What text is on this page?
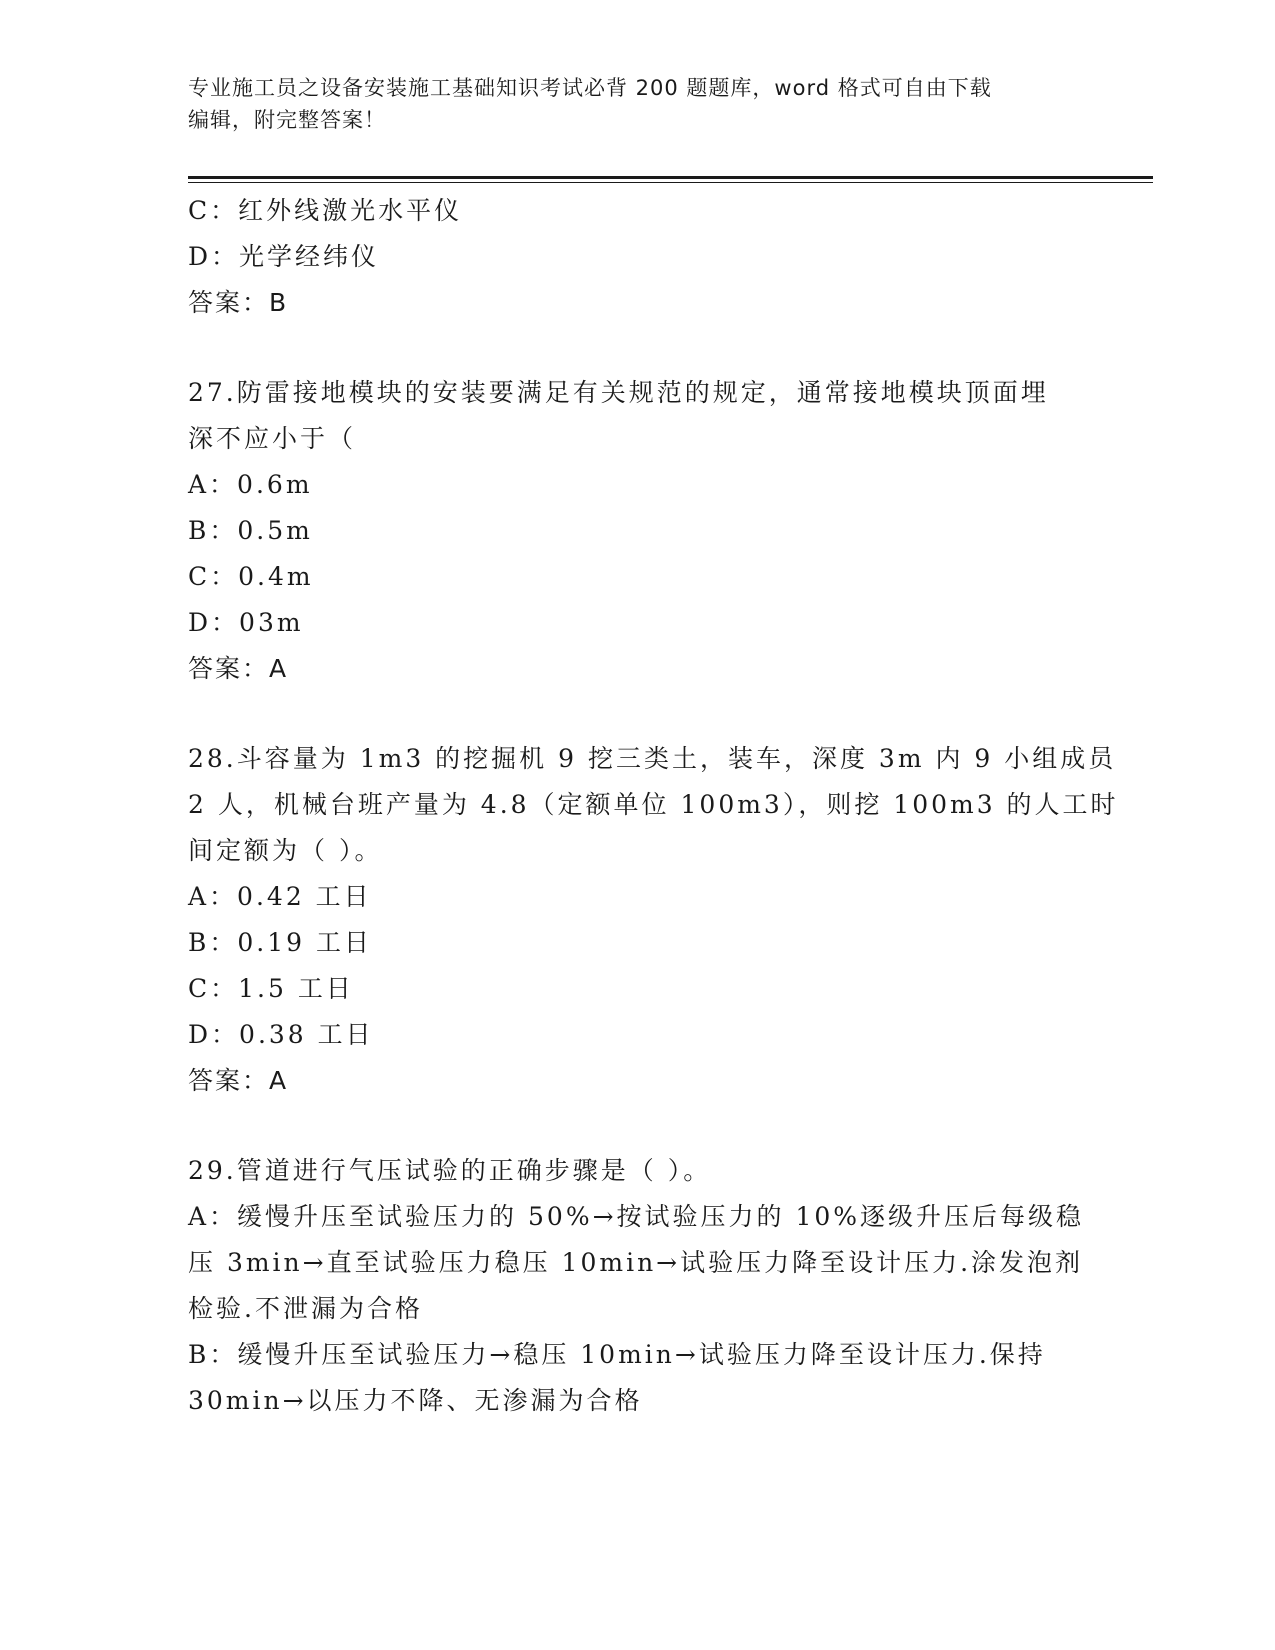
专业施工员之设备安装施工基础知识考试必背 200 题题库，word 格式可自由下载
编辑，附完整答案！
C：红外线激光水平仪
D：光学经纬仪
答案：B
27.防雷接地模块的安装要满足有关规范的规定，通常接地模块顶面埋
深不应小于（
A：0.6m
B：0.5m
C：0.4m
D：03m
答案：A
28.斗容量为 1m3 的挖掘机 9 挖三类土，装车，深度 3m 内 9 小组成员
2 人，机械台班产量为 4.8（定额单位 100m3），则挖 100m3 的人工时
间定额为（ ）。
A：0.42 工日
B：0.19 工日
C：1.5 工日
D：0.38 工日
答案：A
29.管道进行气压试验的正确步骤是（ ）。
A：缓慢升压至试验压力的 50%→按试验压力的 10%逐级升压后每级稳
压 3min→直至试验压力稳压 10min→试验压力降至设计压力.涂发泡剂
检验.不泄漏为合格
B：缓慢升压至试验压力→稳压 10min→试验压力降至设计压力.保持
30min→以压力不降、无渗漏为合格
